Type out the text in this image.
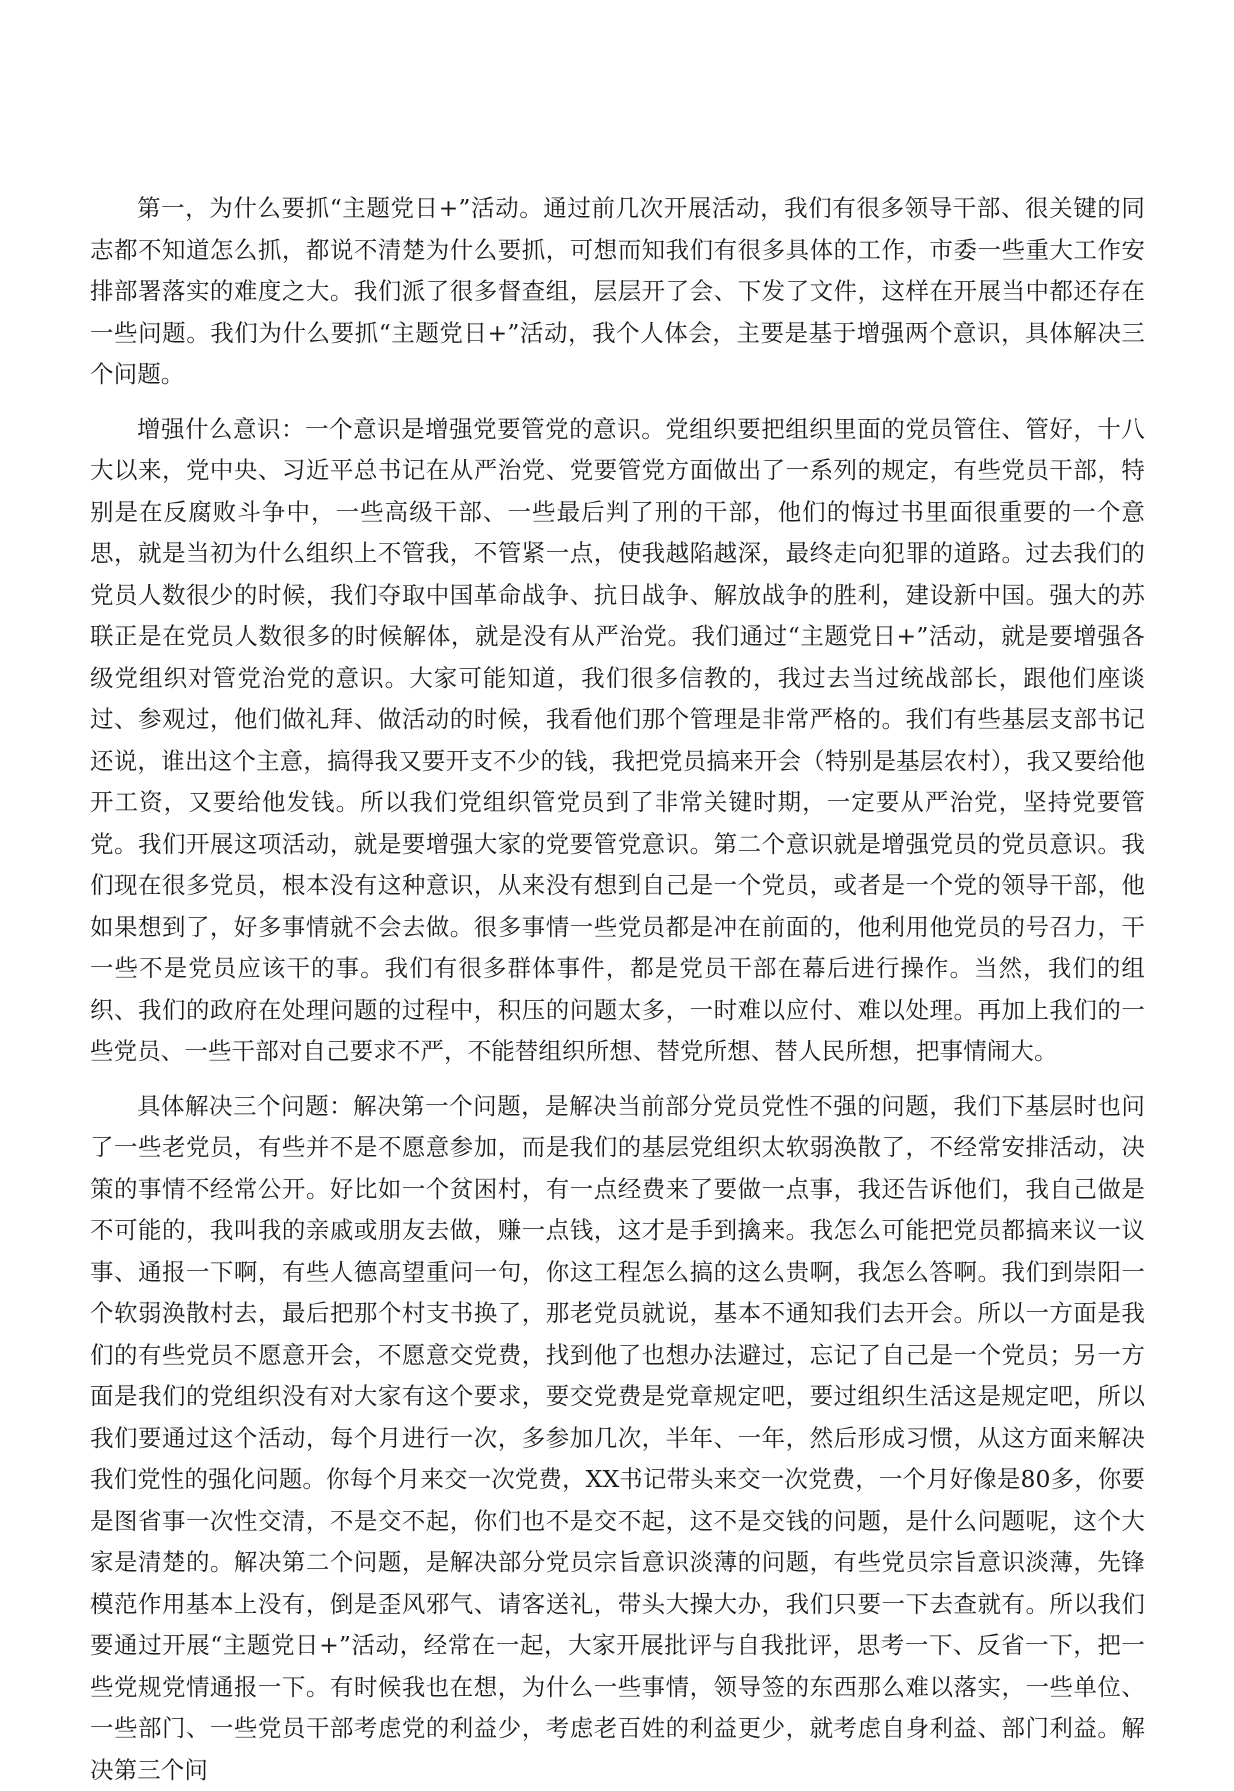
第一，为什么要抓“主题党日+”活动。通过前几次开展活动，我们有很多领导干部、很关键的同志都不知道怎么抓，都说不清楚为什么要抓，可想而知我们有很多具体的工作，市委一些重大工作安排部署落实的难度之大。我们派了很多督查组，层层开了会、下发了文件，这样在开展当中都还存在一些问题。我们为什么要抓“主题党日+”活动，我个人体会，主要是基于增强两个意识，具体解决三个问题。

增强什么意识：一个意识是增强党要管党的意识。党组织要把组织里面的党员管住、管好，十八大以来，党中央、习近平总书记在从严治党、党要管党方面做出了一系列的规定，有些党员干部，特别是在反腐败斗争中，一些高级干部、一些最后判了刑的干部，他们的悔过书里面很重要的一个意思，就是当初为什么组织上不管我，不管紧一点，使我越陷越深，最终走向犯罪的道路。过去我们的党员人数很少的时候，我们夺取中国革命战争、抗日战争、解放战争的胜利，建设新中国。强大的苏联正是在党员人数很多的时候解体，就是没有从严治党。我们通过“主题党日+”活动，就是要增强各级党组织对管党治党的意识。大家可能知道，我们很多信教的，我过去当过统战部长，跟他们座谈过、参观过，他们做礼拜、做活动的时候，我看他们那个管理是非常严格的。我们有些基层支部书记还说，谁出这个主意，搞得我又要开支不少的钱，我把党员搞来开会（特别是基层农村），我又要给他开工资，又要给他发钱。所以我们党组织管党员到了非常关键时期，一定要从严治党，坚持党要管党。我们开展这项活动，就是要增强大家的党要管党意识。第二个意识就是增强党员的党员意识。我们现在很多党员，根本没有这种意识，从来没有想到自己是一个党员，或者是一个党的领导干部，他如果想到了，好多事情就不会去做。很多事情一些党员都是冲在前面的，他利用他党员的号召力，干一些不是党员应该干的事。我们有很多群体事件，都是党员干部在幕后进行操作。当然，我们的组织、我们的政府在处理问题的过程中，积压的问题太多，一时难以应付、难以处理。再加上我们的一些党员、一些干部对自己要求不严，不能替组织所想、替党所想、替人民所想，把事情闹大。

具体解决三个问题：解决第一个问题，是解决当前部分党员党性不强的问题，我们下基层时也问了一些老党员，有些并不是不愿意参加，而是我们的基层党组织太软弱涣散了，不经常安排活动，决策的事情不经常公开。好比如一个贫困村，有一点经费来了要做一点事，我还告诉他们，我自己做是不可能的，我叫我的亲戚或朋友去做，赚一点钱，这才是手到擒来。我怎么可能把党员都搞来议一议事、通报一下啊，有些人德高望重问一句，你这工程怎么搞的这么贵啊，我怎么答啊。我们到崇阳一个软弱涣散村去，最后把那个村支书换了，那老党员就说，基本不通知我们去开会。所以一方面是我们的有些党员不愿意开会，不愿意交党费，找到他了也想办法避过，忘记了自己是一个党员；另一方面是我们的党组织没有对大家有这个要求，要交党费是党章规定吧，要过组织生活这是规定吧，所以我们要通过这个活动，每个月进行一次，多参加几次，半年、一年，然后形成习惯，从这方面来解决我们党性的强化问题。你每个月来交一次党费，XX书记带头来交一次党费，一个月好像是80多，你要是图省事一次性交清，不是交不起，你们也不是交不起，这不是交钱的问题，是什么问题呢，这个大家是清楚的。解决第二个问题，是解决部分党员宗旨意识淡薄的问题，有些党员宗旨意识淡薄，先锋模范作用基本上没有，倒是歪风邪气、请客送礼，带头大操大办，我们只要一下去查就有。所以我们要通过开展“主题党日+”活动，经常在一起，大家开展批评与自我批评，思考一下、反省一下，把一些党规党情通报一下。有时候我也在想，为什么一些事情，领导签的东西那么难以落实，一些单位、一些部门、一些党员干部考虑党的利益少，考虑老百姓的利益更少，就考虑自身利益、部门利益。解决第三个问
